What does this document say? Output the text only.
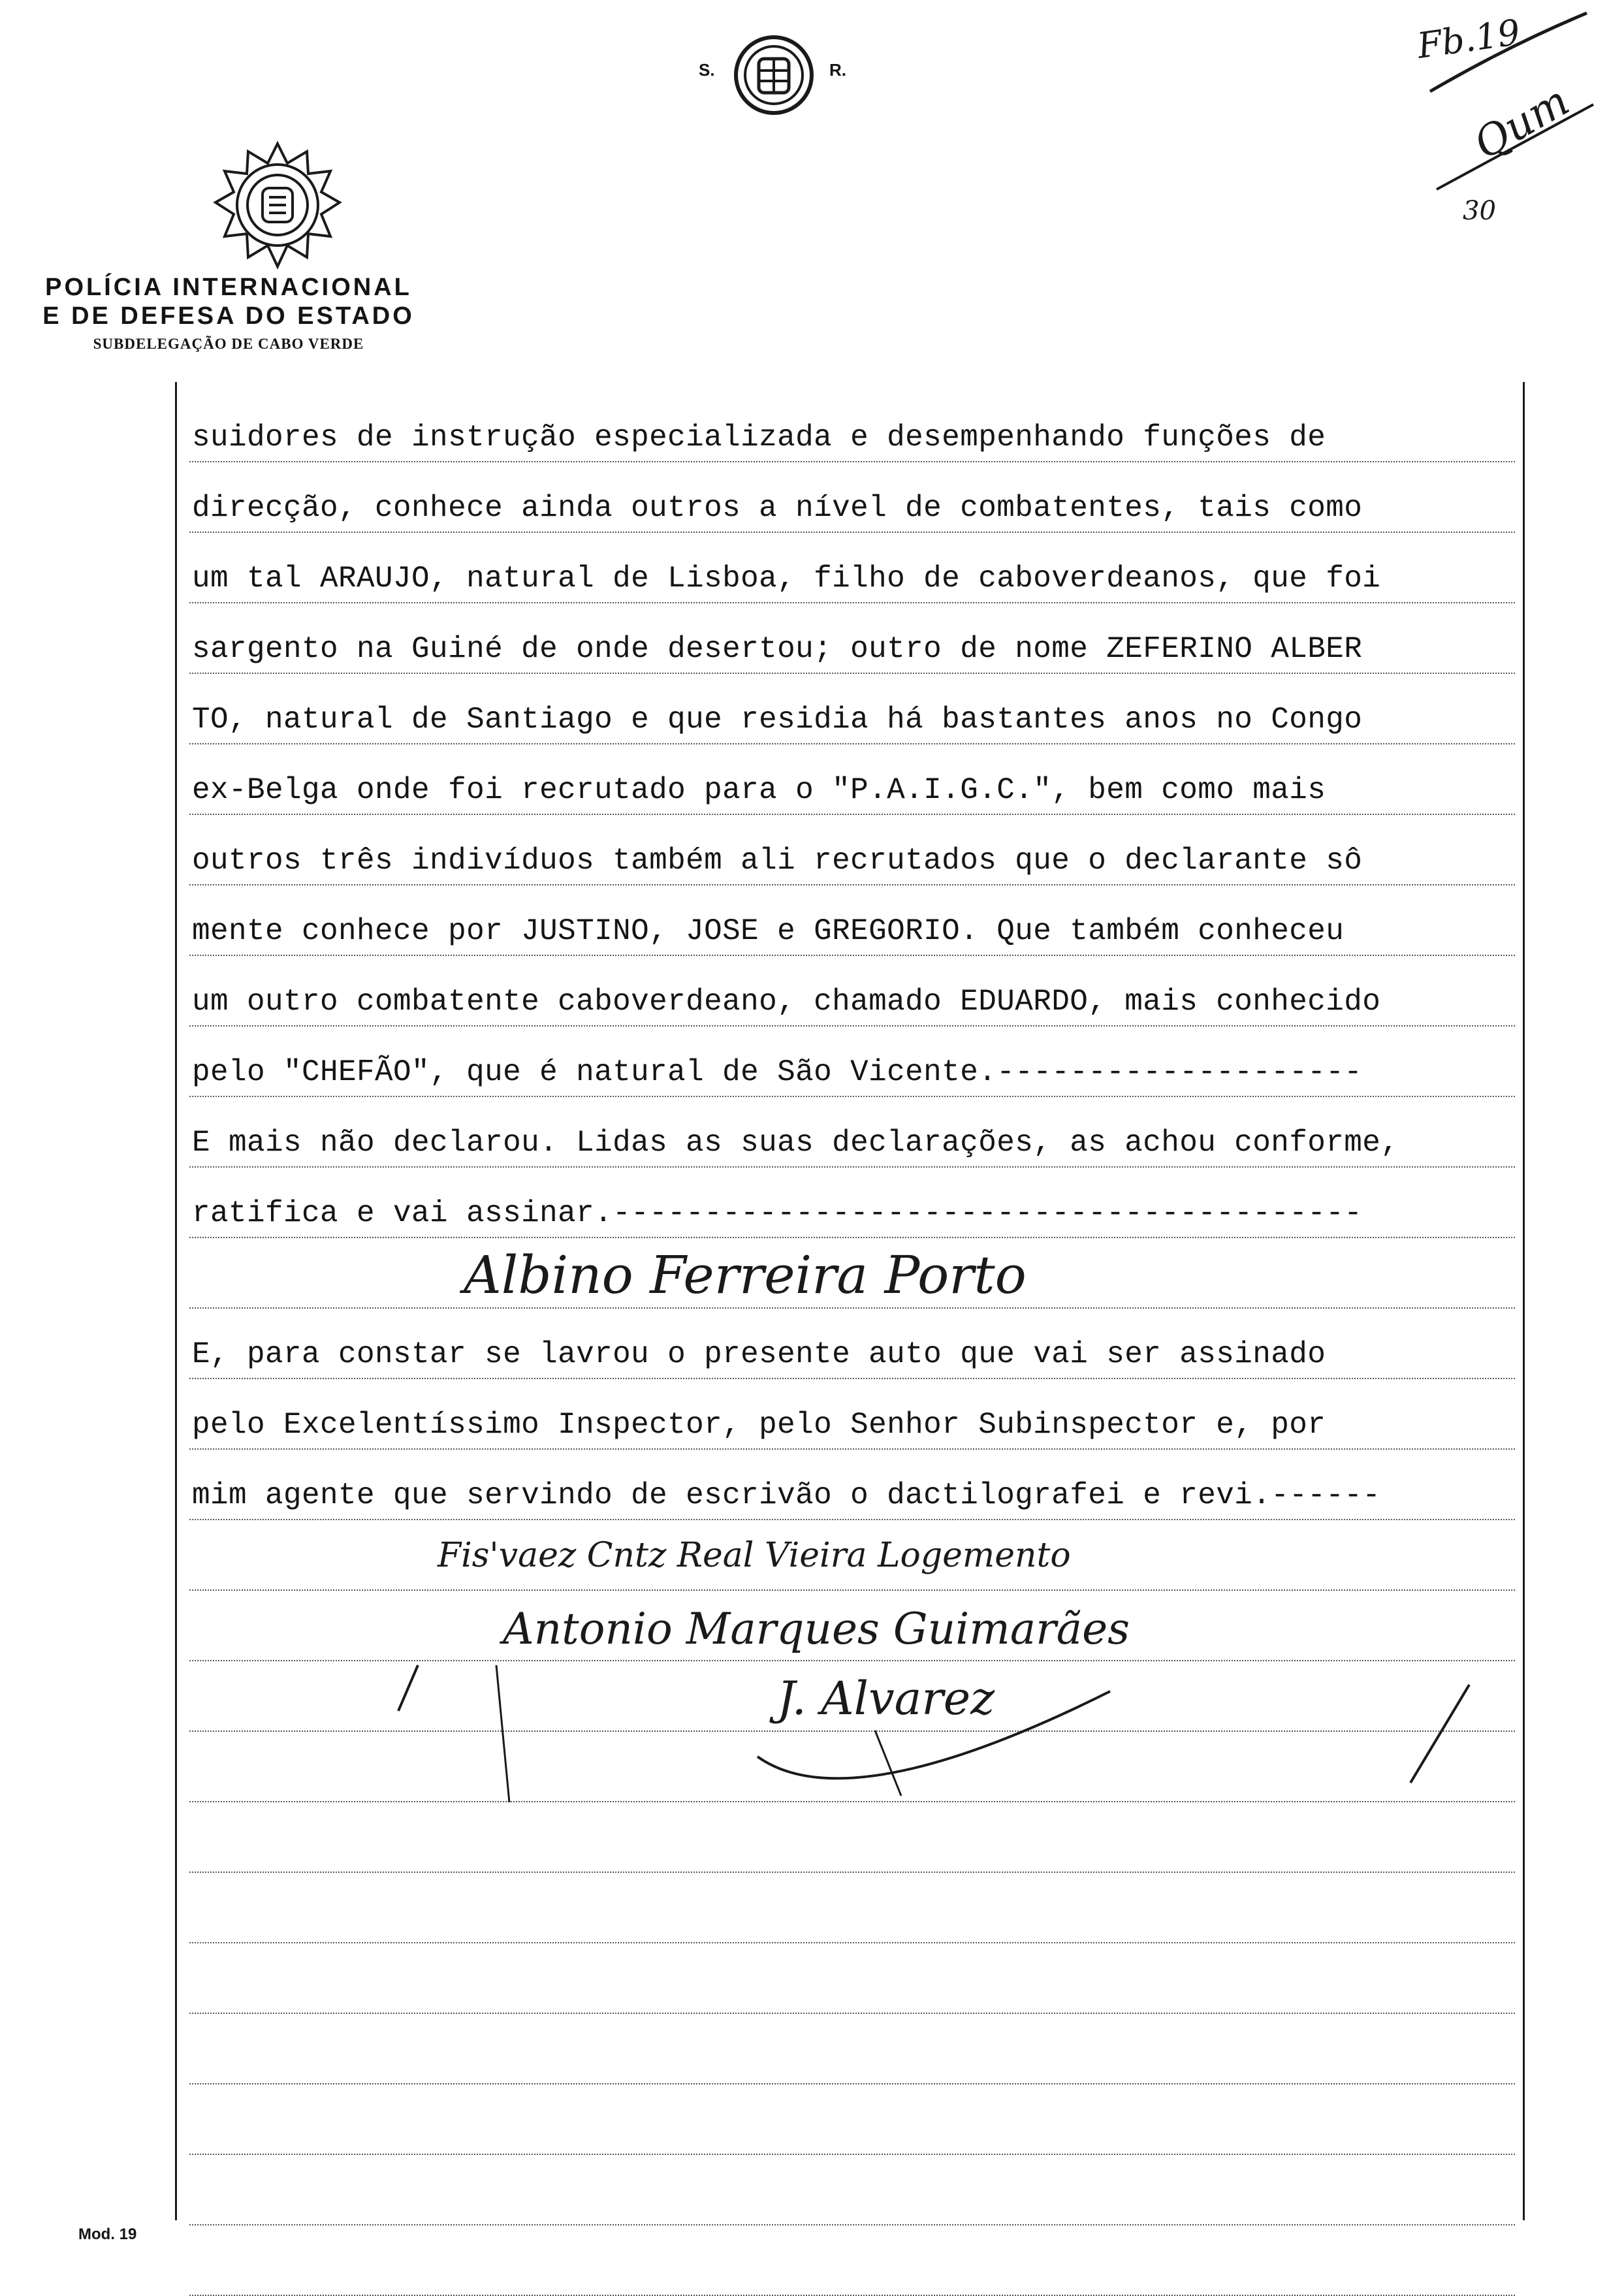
S.	R.
POLÍCIA INTERNACIONAL
E DE DEFESA DO ESTADO
SUBDELEGAÇÃO DE CABO VERDE
Fb.19
Qum
30
suidores de instrução especializada e desempenhando funções de
direcção, conhece ainda outros a nível de combatentes, tais como
um tal ARAUJO, natural de Lisboa, filho de caboverdeanos, que foi
sargento na Guiné de onde desertou; outro de nome ZEFERINO ALBER
TO, natural de Santiago e que residia há bastantes anos no Congo
ex-Belga onde foi recrutado para o "P.A.I.G.C.", bem como mais
outros três indivíduos também ali recrutados que o declarante sô
mente conhece por JUSTINO, JOSE e GREGORIO. Que também conheceu
um outro combatente caboverdeano, chamado EDUARDO, mais conhecido
pelo "CHEFÃO", que é natural de São Vicente.--------------------
E mais não declarou. Lidas as suas declarações, as achou conforme,
ratifica e vai assinar.-----------------------------------------
Albino Ferreira Porto
E, para constar se lavrou o presente auto que vai ser assinado
pelo Excelentíssimo Inspector, pelo Senhor Subinspector e, por
mim agente que servindo de escrivão o dactilografei e revi.------
Fis'vaez Cntz Real Vieira Logemento
Antonio Marques Guimarães
J. Alvarez
Mod. 19
